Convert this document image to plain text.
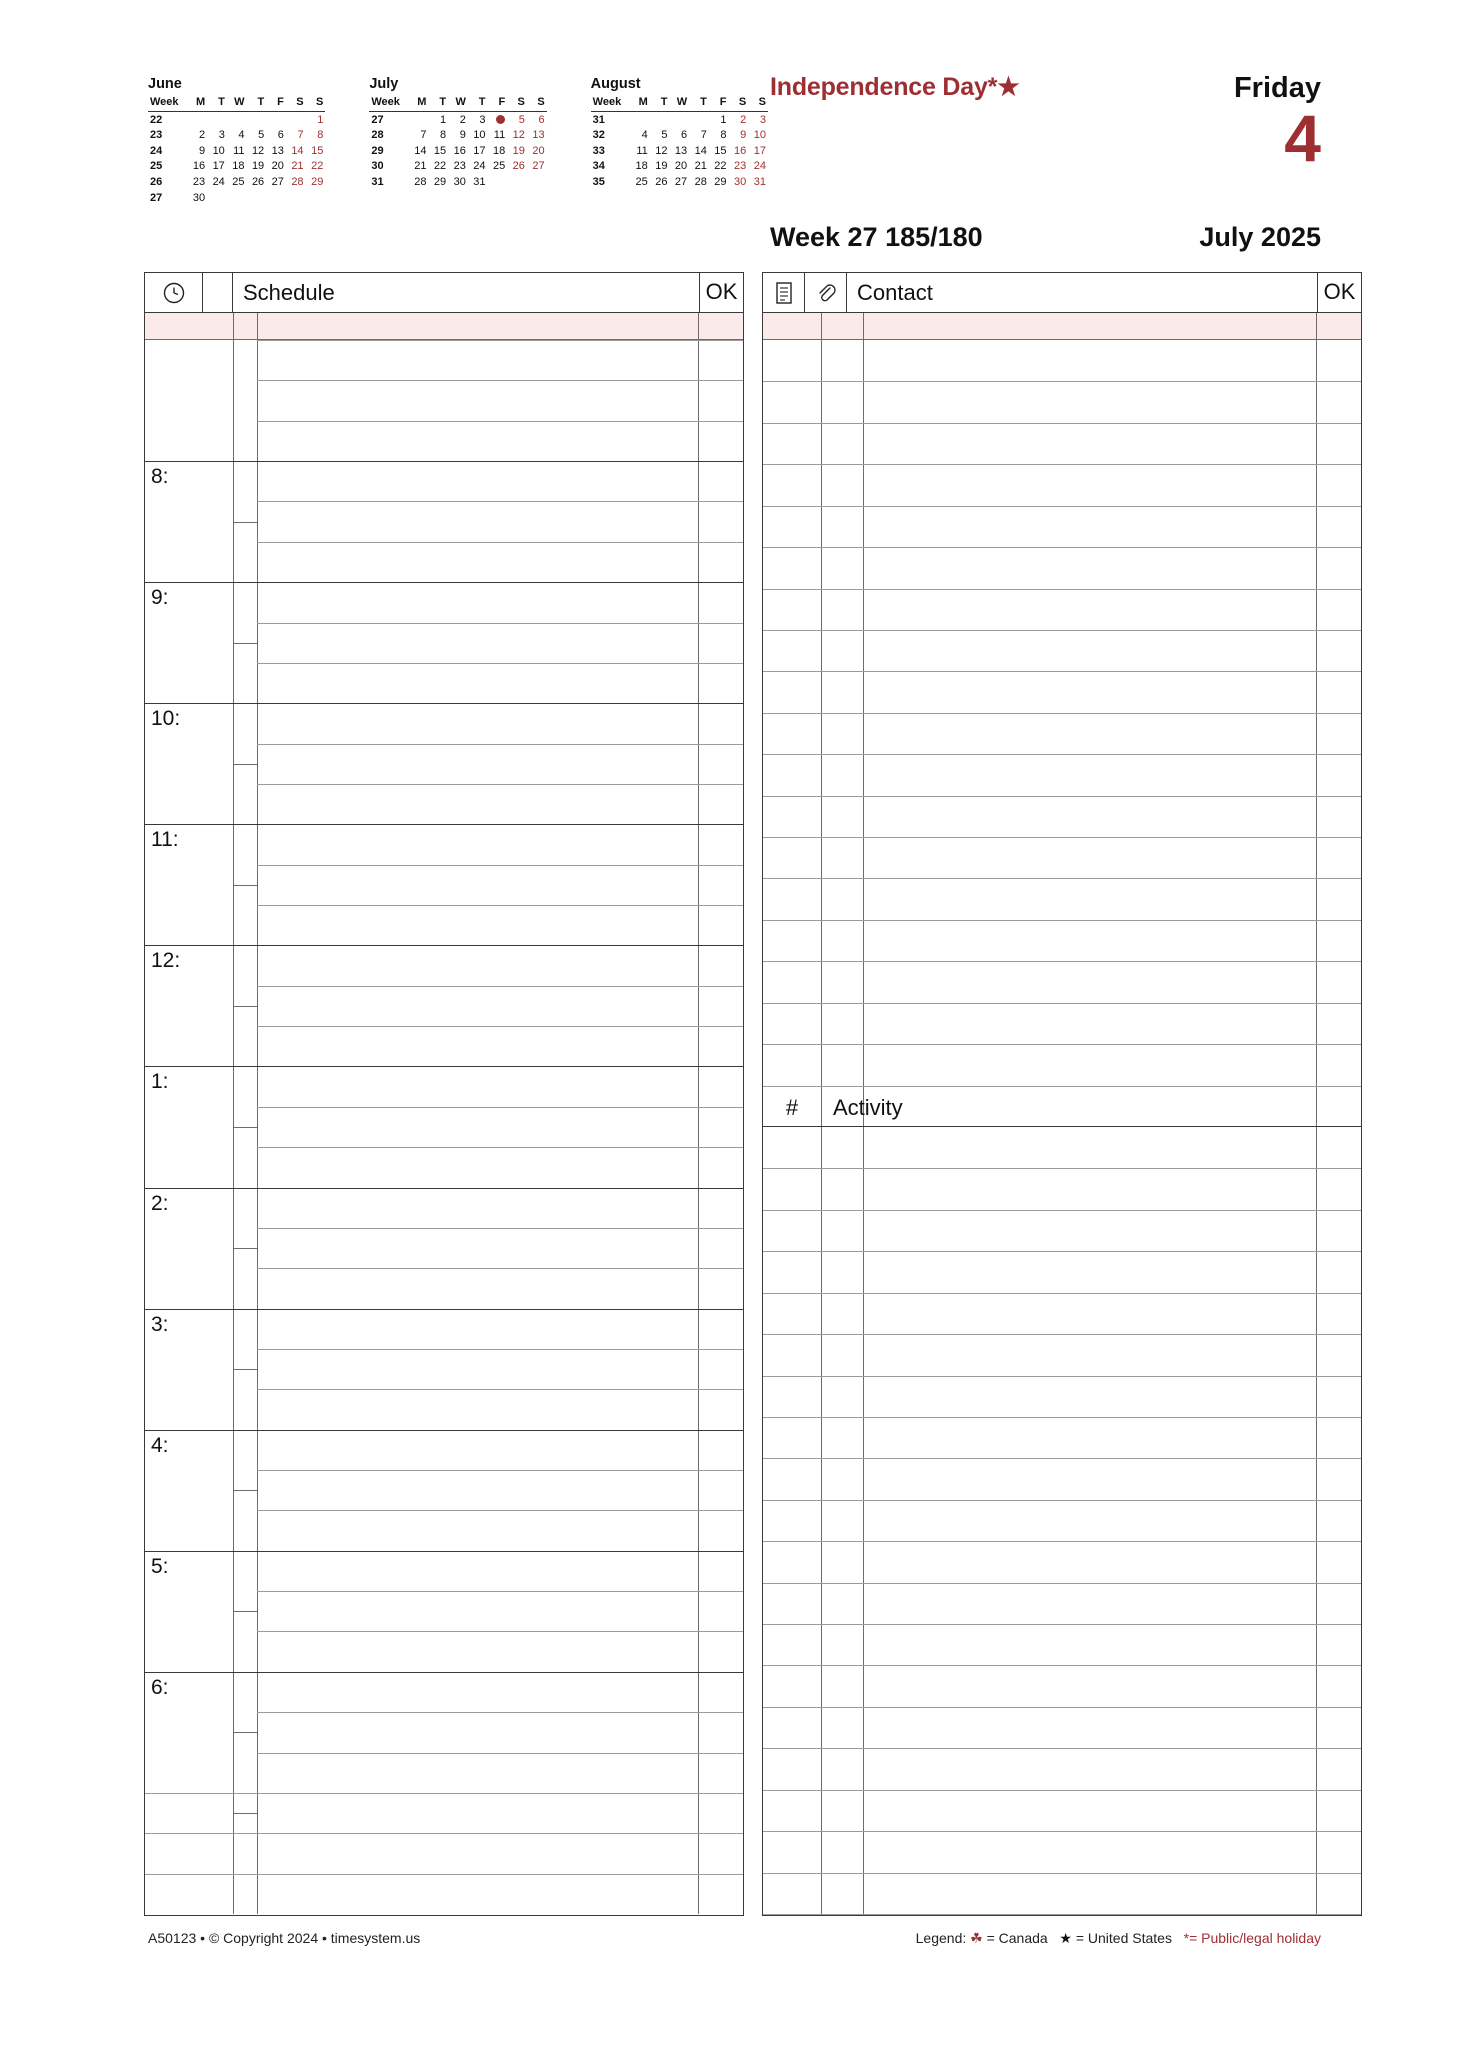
June
Week	M	T	W	T	F	S	S
22							1
23	2	3	4	5	6	7	8
24	9	10	11	12	13	14	15
25	16	17	18	19	20	21	22
26	23	24	25	26	27	28	29
27	30						
July
Week	M	T	W	T	F	S	S
27		1	2	3		5	6
28	7	8	9	10	11	12	13
29	14	15	16	17	18	19	20
30	21	22	23	24	25	26	27
31	28	29	30	31			
August
Week	M	T	W	T	F	S	S
31					1	2	3
32	4	5	6	7	8	9	10
33	11	12	13	14	15	16	17
34	18	19	20	21	22	23	24
35	25	26	27	28	29	30	31
Independence Day*★	Friday
4
Week 27 185/180	July 2025
Schedule	OK
8:
9:
10:
11:
12:
1:
2:
3:
4:
5:
6:
Contact	OK
#	Activity
A50123 • © Copyright 2024 • timesystem.us	Legend: ☘ = Canada ★ = United States *= Public/legal holiday
